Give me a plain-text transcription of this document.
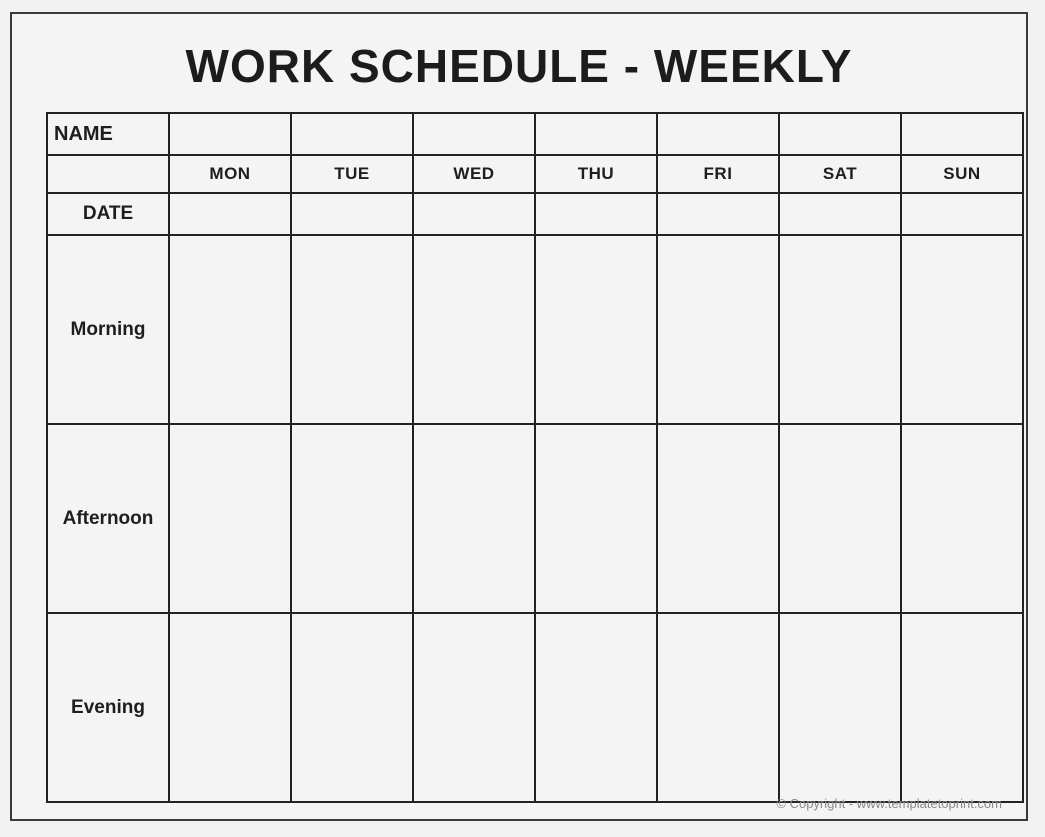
WORK SCHEDULE - WEEKLY
NAME							
	MON	TUE	WED	THU	FRI	SAT	SUN
DATE							
Morning							
Afternoon							
Evening							
© Copyright - www.templatetoprint.com
